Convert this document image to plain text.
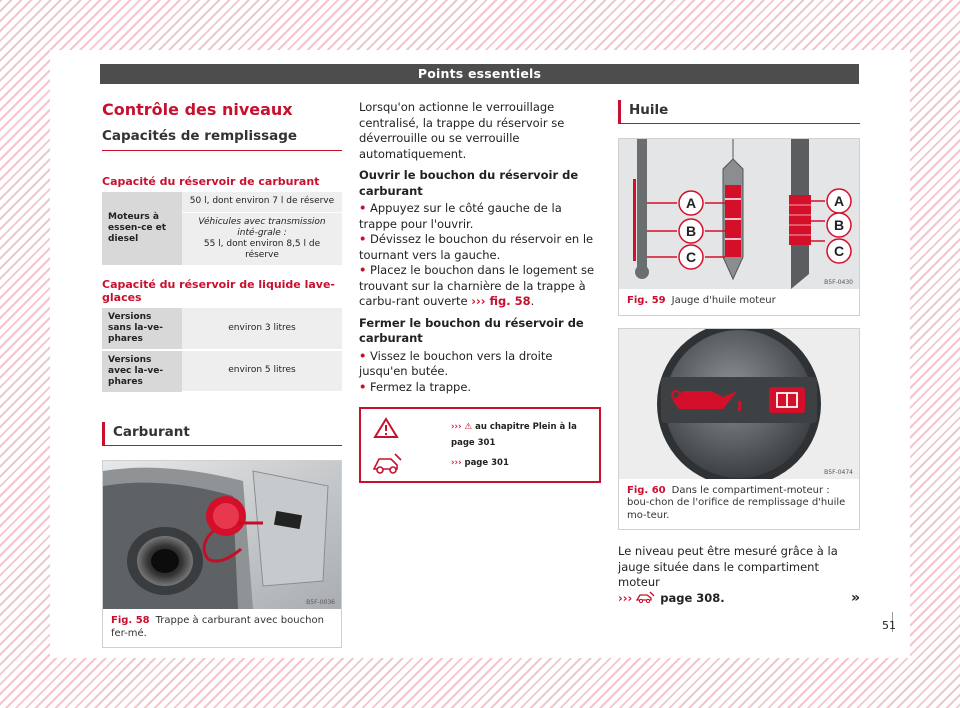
Points essentiels
Contrôle des niveaux
Capacités de remplissage
Capacité du réservoir de carburant
Moteurs à essen-ce et diesel	50 l, dont environ 7 l de réserve

Véhicules avec transmission inté-grale :
55 l, dont environ 8,5 l de réserve
Capacité du réservoir de liquide lave-glaces
Versions sans la-ve-phares	environ 3 litres
Versions avec la-ve-phares	environ 5 litres
Carburant
B5F-0036
Fig. 58 Trappe à carburant avec bouchon fer-mé.

Lorsqu'on actionne le verrouillage centralisé, la trappe du réservoir se déverrouille ou se verrouille automatiquement.

Ouvrir le bouchon du réservoir de carburant

• Appuyez sur le côté gauche de la trappe pour l'ouvrir.
• Dévissez le bouchon du réservoir en le tournant vers la gauche.
• Placez le bouchon dans le logement se trouvant sur la charnière de la trappe à carbu-rant ouverte ››› fig. 58.

Fermer le bouchon du réservoir de carburant

• Vissez le bouchon vers la droite jusqu'en butée.
• Fermez la trappe.
››› ⚠ au chapitre Plein à la page 301
››› page 301
Huile
A
B
C
A
B
C
B5F-0430
Fig. 59 Jauge d'huile moteur
B5F-0474
Fig. 60 Dans le compartiment-moteur : bou-chon de l'orifice de remplissage d'huile mo-teur.
Le niveau peut être mesuré grâce à la jauge située dans le compartiment moteur
›››  page 308.	»
51
